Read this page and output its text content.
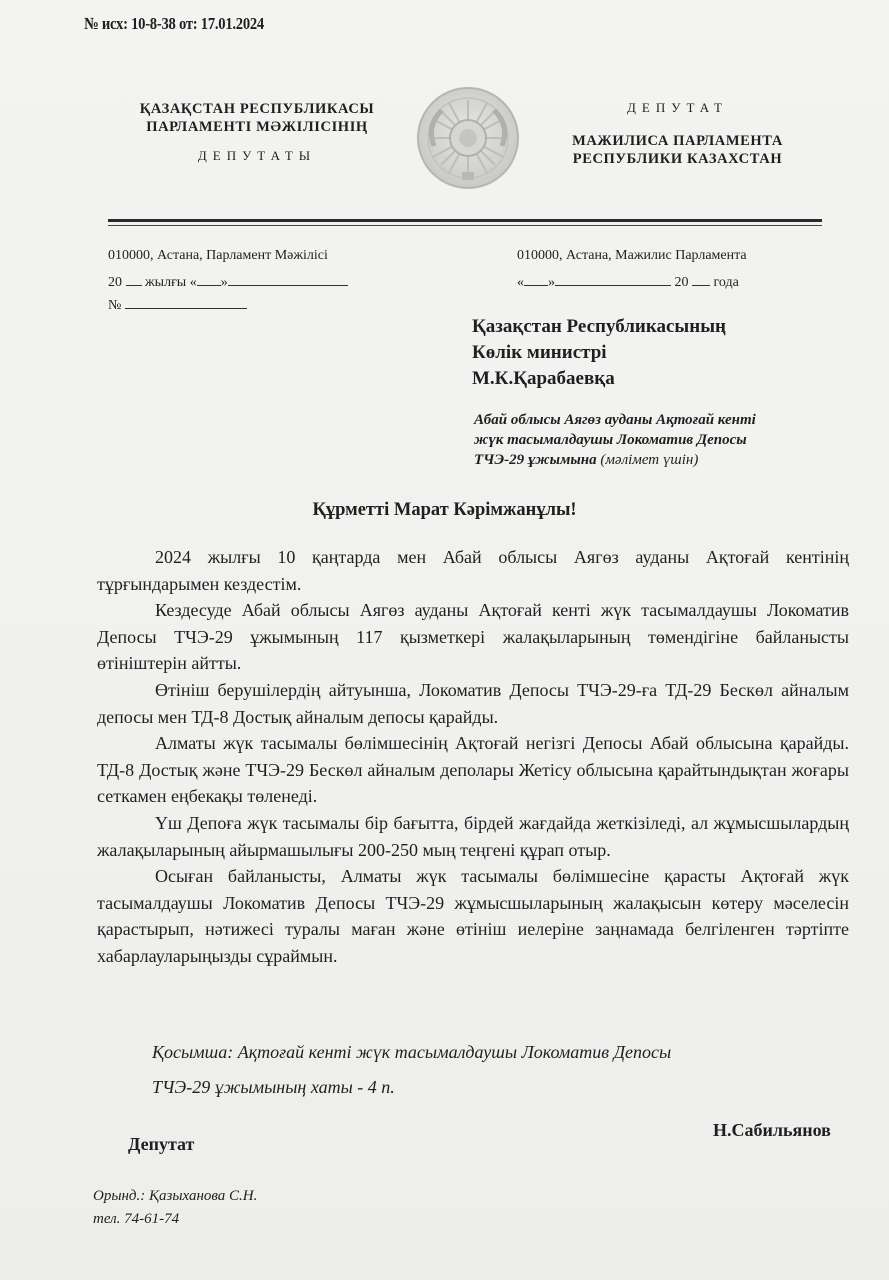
№ исх: 10-8-38 от: 17.01.2024
ҚАЗАҚСТАН РЕСПУБЛИКАСЫ
ПАРЛАМЕНТІ МӘЖІЛІСІНІҢ
ДЕПУТАТЫ
ДЕПУТАТ
МАЖИЛИСА ПАРЛАМЕНТА
РЕСПУБЛИКИ КАЗАХСТАН
010000, Астана, Парламент Мәжілісі
20 жылғы « »
№
010000, Астана, Мажилис Парламента
« »	20 года
Қазақстан Республикасының
Көлік министрі
М.К.Қарабаевқа
Абай облысы Аягөз ауданы Ақтоғай кенті
жүк тасымалдаушы Локоматив Депосы
ТЧЭ-29 ұжымына (мәлімет үшін)
Құрметті Марат Кәрімжанұлы!

2024 жылғы 10 қаңтарда мен Абай облысы Аягөз ауданы Ақтоғай кентінің тұрғындарымен кездестім.

Кездесуде Абай облысы Аягөз ауданы Ақтоғай кенті жүк тасымалдаушы Локоматив Депосы ТЧЭ-29 ұжымының 117 қызметкері жалақыларының төмендігіне байланысты өтініштерін айтты.

Өтініш берушілердің айтуынша, Локоматив Депосы ТЧЭ-29-ға ТД-29 Бескөл айналым депосы мен ТД-8 Достық айналым депосы қарайды.

Алматы жүк тасымалы бөлімшесінің Ақтоғай негізгі Депосы Абай облысына қарайды. ТД-8 Достық және ТЧЭ-29 Бескөл айналым деполары Жетісу облысына қарайтындықтан жоғары сеткамен еңбекақы төленеді.

Үш Депоға жүк тасымалы бір бағытта, бірдей жағдайда жеткізіледі, ал жұмысшылардың жалақыларының айырмашылығы 200-250 мың теңгені құрап отыр.

Осыған байланысты, Алматы жүк тасымалы бөлімшесіне қарасты Ақтоғай жүк тасымалдаушы Локоматив Депосы ТЧЭ-29 жұмысшыларының жалақысын көтеру мәселесін қарастырып, нәтижесі туралы маған және өтініш иелеріне заңнамада белгіленген тәртіпте хабарлауларыңызды сұраймын.

Қосымша: Ақтоғай кенті жүк тасымалдаушы Локоматив Депосы
ТЧЭ-29 ұжымының хаты - 4 п.
Депутат
Н.Сабильянов
Орынд.: Қазыханова С.Н.
тел. 74-61-74
